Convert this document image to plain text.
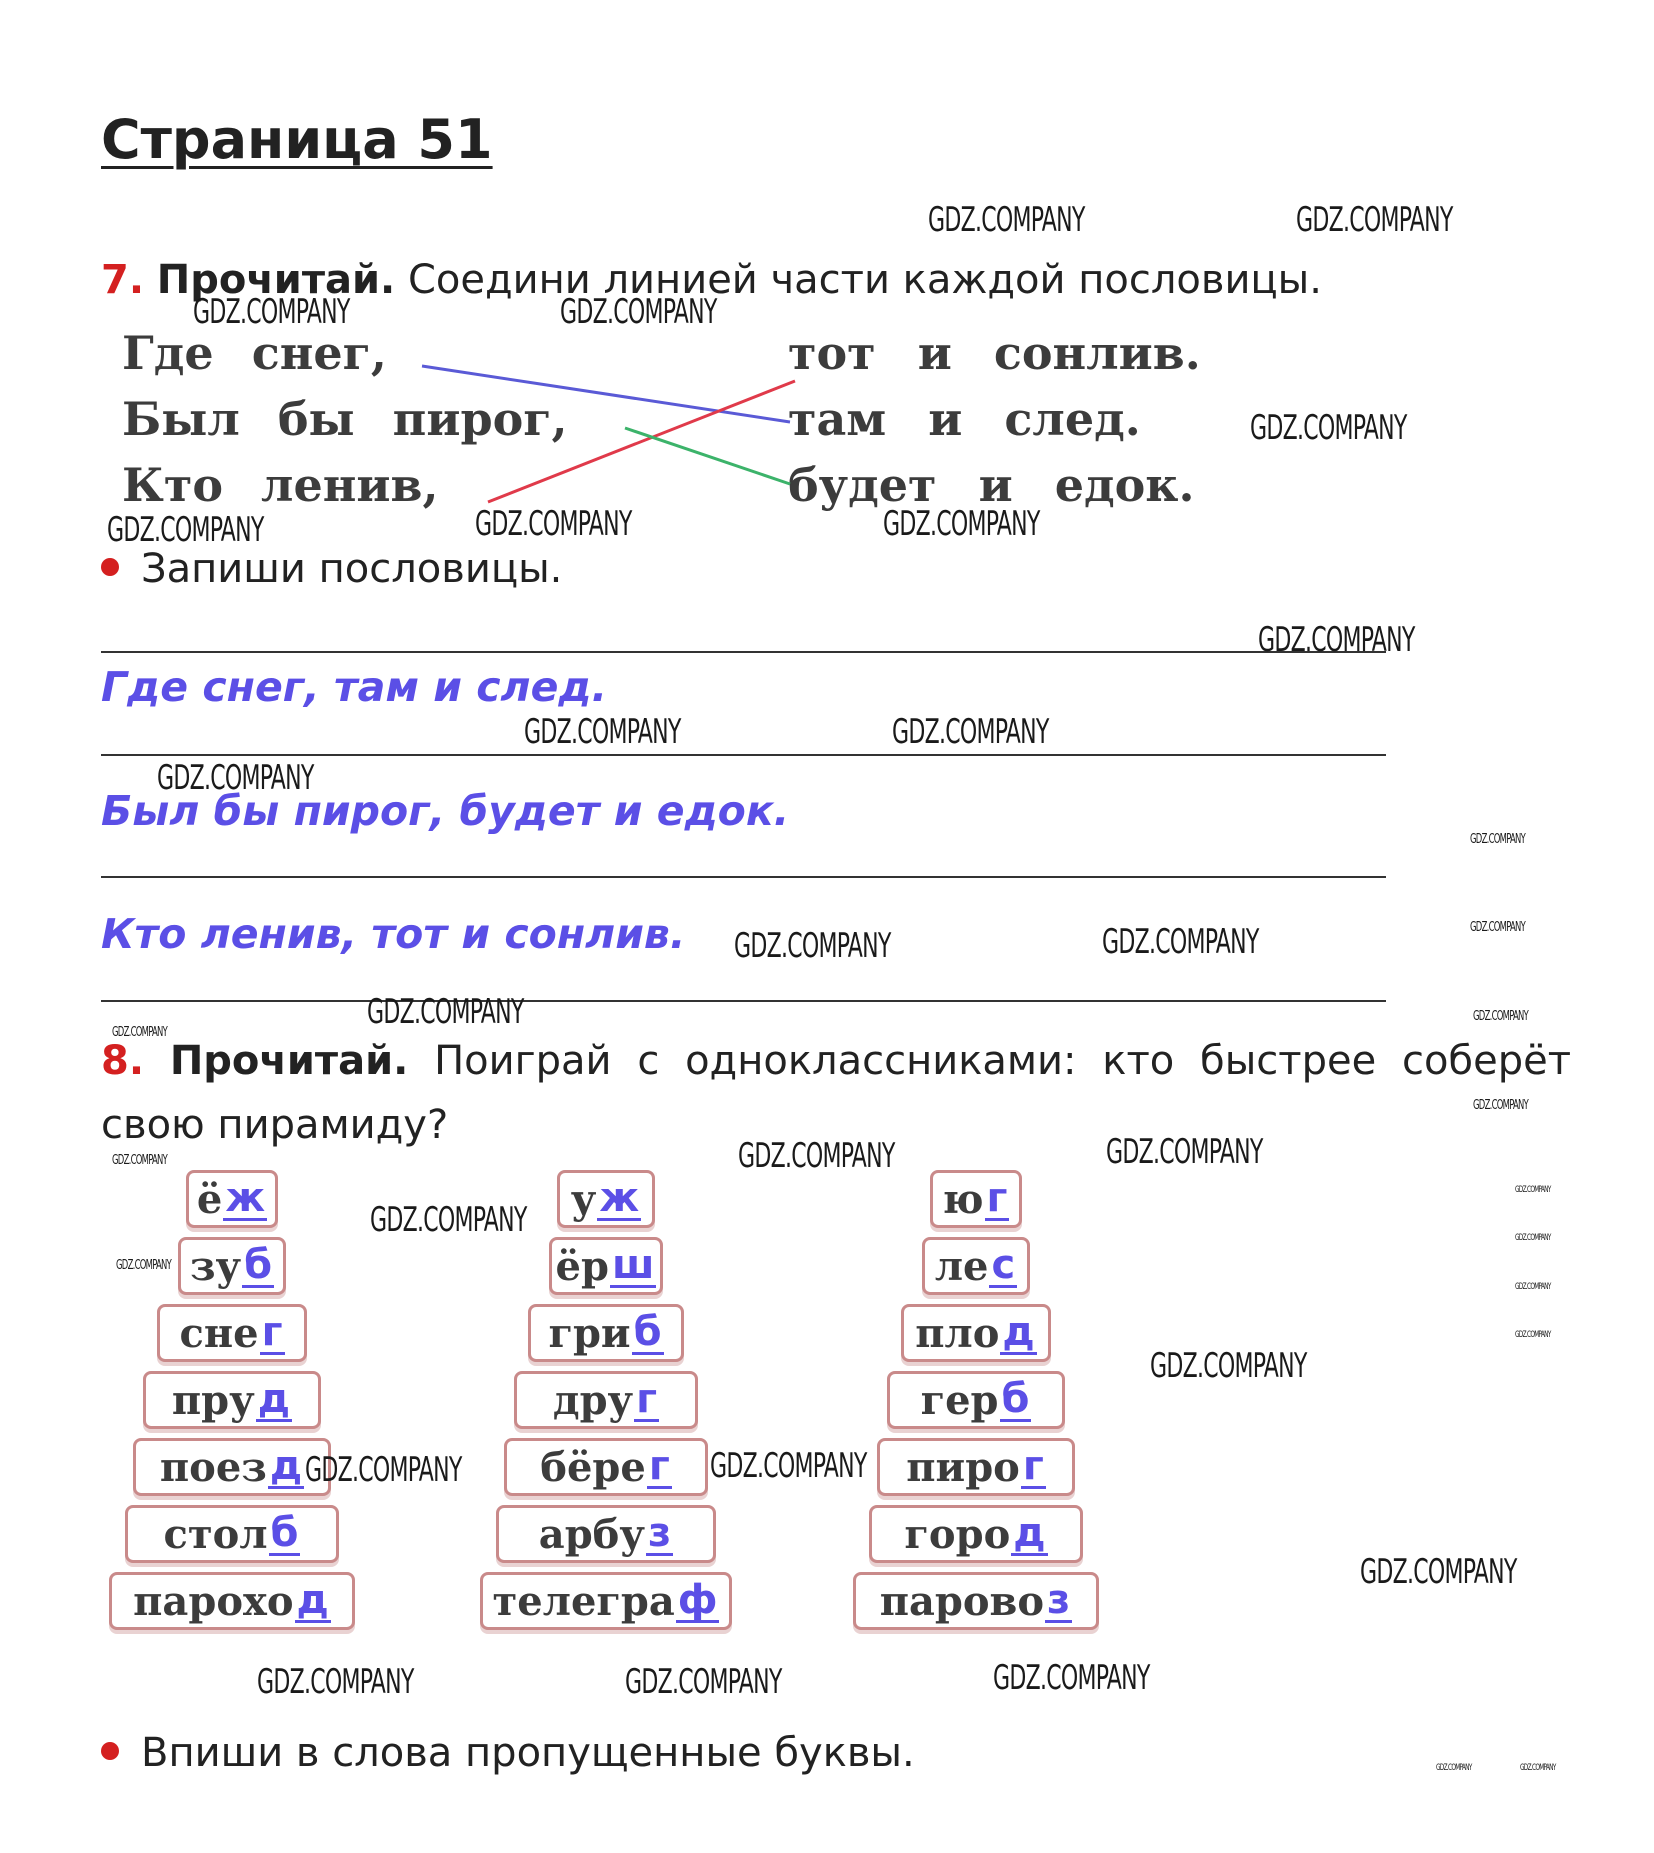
Страница 51
7. Прочитай. Соедини линией части каждой пословицы.
Где снег,
Был бы пирог,
Кто ленив,
тот и сонлив.
там и след.
будет и едок.
Запиши пословицы.
Где снег, там и след.
Был бы пирог, будет и едок.
Кто ленив, тот и сонлив.
8. Прочитай. Поиграй с одноклассниками: кто быстрее соберёт
свою пирамиду?
ё ж
зу б
сне г
пру д
поез д
стол б
парохо д
у ж
ёр ш
гри б
дру г
бёре г
арбу з
телегра ф
ю г
ле с
пло д
гер б
пиро г
горо д
парово з
Впиши в слова пропущенные буквы.
GDZ.COMPANY	GDZ.COMPANY
GDZ.COMPANY	GDZ.COMPANY
GDZ.COMPANY
GDZ.COMPANY	GDZ.COMPANY	GDZ.COMPANY
GDZ.COMPANY
GDZ.COMPANY	GDZ.COMPANY
GDZ.COMPANY
GDZ.COMPANY	GDZ.COMPANY
GDZ.COMPANY
GDZ.COMPANY	GDZ.COMPANY
GDZ.COMPANY
GDZ.COMPANY
GDZ.COMPANY	GDZ.COMPANY
GDZ.COMPANY
GDZ.COMPANY	GDZ.COMPANY	GDZ.COMPANY
GDZ.COMPANY
GDZ.COMPANY
GDZ.COMPANY
GDZ.COMPANY
GDZ.COMPANY
GDZ.COMPANY
GDZ.COMPANY
GDZ.COMPANY
GDZ.COMPANY
GDZ.COMPANY
GDZ.COMPANY
GDZ.COMPANY	GDZ.COMPANY
